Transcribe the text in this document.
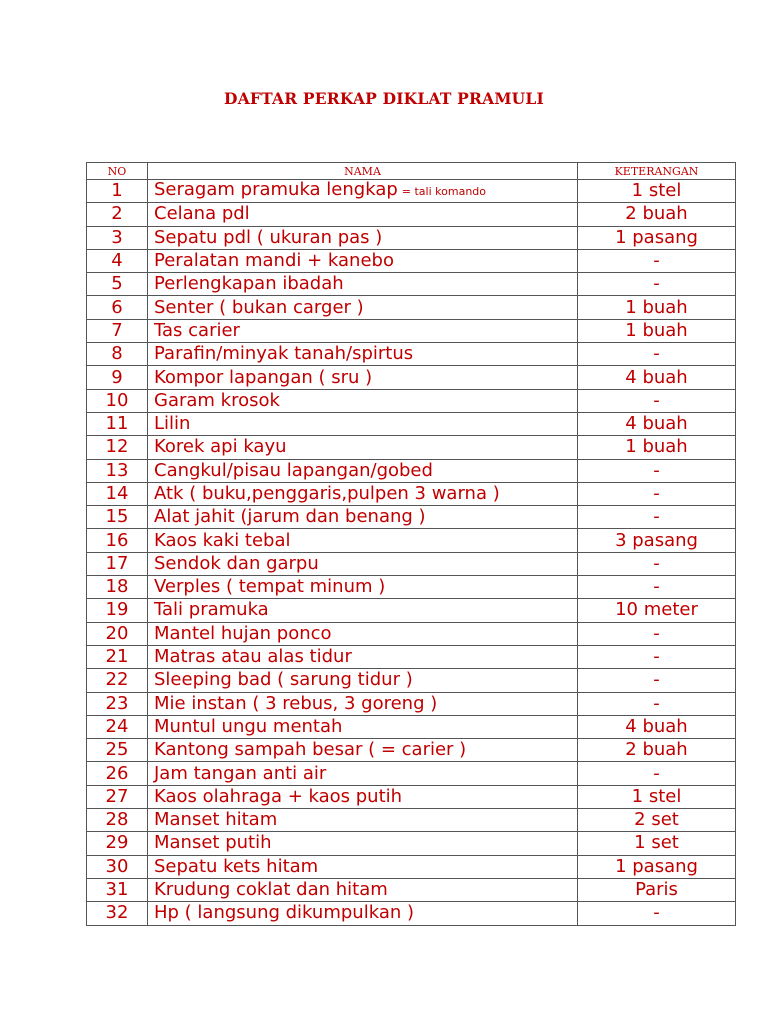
DAFTAR PERKAP DIKLAT PRAMULI
NO	NAMA	KETERANGAN
1	Seragam pramuka lengkap = tali komando	1 stel
2	Celana pdl	2 buah
3	Sepatu pdl ( ukuran pas )	1 pasang
4	Peralatan mandi + kanebo	-
5	Perlengkapan ibadah	-
6	Senter ( bukan carger )	1 buah
7	Tas carier	1 buah
8	Parafin/minyak tanah/spirtus	-
9	Kompor lapangan ( sru )	4 buah
10	Garam krosok	-
11	Lilin	4 buah
12	Korek api kayu	1 buah
13	Cangkul/pisau lapangan/gobed	-
14	Atk ( buku,penggaris,pulpen 3 warna )	-
15	Alat jahit (jarum dan benang )	-
16	Kaos kaki tebal	3 pasang
17	Sendok dan garpu	-
18	Verples ( tempat minum )	-
19	Tali pramuka	10 meter
20	Mantel hujan ponco	-
21	Matras atau alas tidur	-
22	Sleeping bad ( sarung tidur )	-
23	Mie instan ( 3 rebus, 3 goreng )	-
24	Muntul ungu mentah	4 buah
25	Kantong sampah besar ( = carier )	2 buah
26	Jam tangan anti air	-
27	Kaos olahraga + kaos putih	1 stel
28	Manset hitam	2 set
29	Manset putih	1 set
30	Sepatu kets hitam	1 pasang
31	Krudung coklat dan hitam	Paris
32	Hp ( langsung dikumpulkan )	-
